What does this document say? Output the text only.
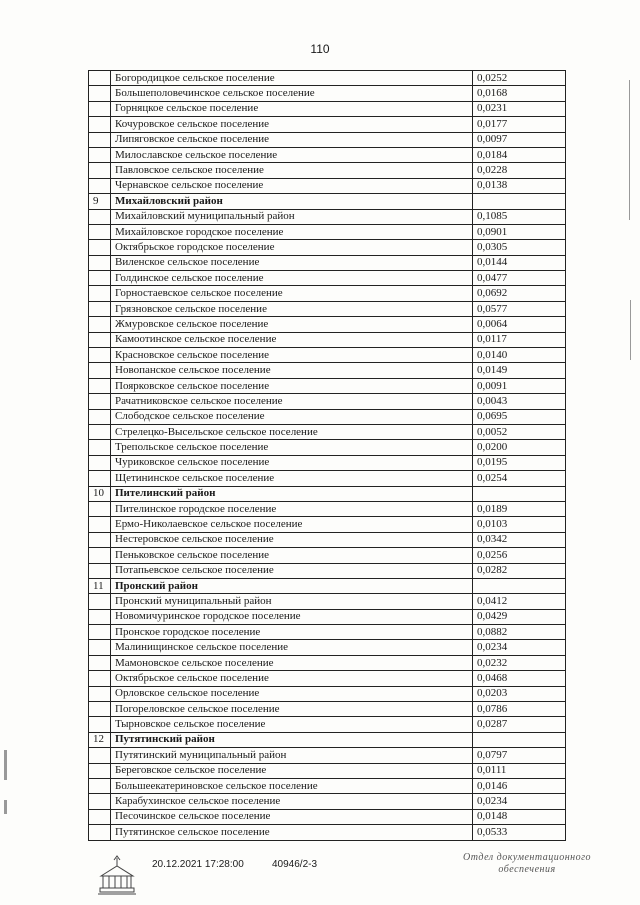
110
	Богородицкое сельское поселение	0,0252
	Большеполовечинское сельское поселение	0,0168
	Горняцкое сельское поселение	0,0231
	Кочуровское сельское поселение	0,0177
	Липяговское сельское поселение	0,0097
	Милославское сельское поселение	0,0184
	Павловское сельское поселение	0,0228
	Чернавское сельское поселение	0,0138
9	Михайловский район	
	Михайловский муниципальный район	0,1085
	Михайловское городское поселение	0,0901
	Октябрьское городское поселение	0,0305
	Виленское сельское поселение	0,0144
	Голдинское сельское поселение	0,0477
	Горностаевское сельское поселение	0,0692
	Грязновское сельское поселение	0,0577
	Жмуровское сельское поселение	0,0064
	Камоотинское сельское поселение	0,0117
	Красновское сельское поселение	0,0140
	Новопанское сельское поселение	0,0149
	Поярковское сельское поселение	0,0091
	Рачатниковское сельское поселение	0,0043
	Слободское сельское поселение	0,0695
	Стрелецко-Высельское сельское поселение	0,0052
	Трепольское сельское поселение	0,0200
	Чуриковское сельское поселение	0,0195
	Щетининское сельское поселение	0,0254
10	Пителинский район	
	Пителинское городское поселение	0,0189
	Ермо-Николаевское сельское поселение	0,0103
	Нестеровское сельское поселение	0,0342
	Пеньковское сельское поселение	0,0256
	Потапьевское сельское поселение	0,0282
11	Пронский район	
	Пронский муниципальный район	0,0412
	Новомичуринское городское поселение	0,0429
	Пронское городское поселение	0,0882
	Малинищинское сельское поселение	0,0234
	Мамоновское сельское поселение	0,0232
	Октябрьское сельское поселение	0,0468
	Орловское сельское поселение	0,0203
	Погореловское сельское поселение	0,0786
	Тырновское сельское поселение	0,0287
12	Путятинский район	
	Путятинский муниципальный район	0,0797
	Береговское сельское поселение	0,0111
	Большеекатериновское сельское поселение	0,0146
	Карабухинское сельское поселение	0,0234
	Песочинское сельское поселение	0,0148
	Путятинское сельское поселение	0,0533
20.12.2021 17:28:00	40946/2-3
Отдел документационного
обеспечения
